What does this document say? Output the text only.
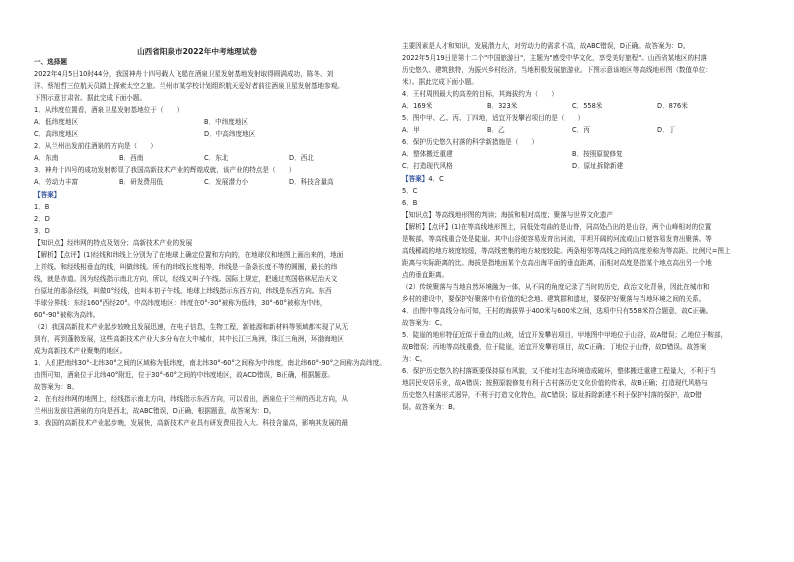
山西省阳泉市2022年中考地理试卷
一、选择题
2022年4月5日10时44分，我国神舟十四号载人飞船在酒泉卫星发射基地发射取得圆满成功，陈冬、刘
洋、蔡旭哲三位航天员踏上探索太空之旅。兰州市某学校计划组织航天爱好者前往酒泉卫星发射基地参观。
下图示意甘肃省。据此完成下面小题。
1．从纬度位置看，酒泉卫星发射基地位于（　　）
A．低纬度地区	B．中纬度地区
C．高纬度地区	D．中高纬度地区
2．从兰州出发前往酒泉的方向是（　　）
A．东南	B．西南	C．东北	D．西北
3．神舟十四号的成功发射彰显了我国高新技术产业的辉煌成就，该产业的特点是（　　）
A．劳动力丰富	B．研发费用低	C．发展潜力小	D．科技含量高
【答案】
1．B
2．D
3．D
【知识点】经纬网的特点及划分；高新技术产业的发展
【解析】【点评】(1)经线和纬线上分别为了在地球上确定位置和方向的，在地球仪和地图上画出来的，地面
上并线。和经线相垂直的线，叫做纬线。所有的纬线长度相等，纬线是一条条长度不等的圆圈，最长的纬
线，就是赤道。因为经线指示南北方向，所以，经线又叫子午线。国际上规定，把通过英国格林尼治天文
台原址的那条经线，叫做0°经线，也叫本初子午线。地球上纬线指示东西方向，纬线是东西方向。东西
半球分界线：东经160°西经20°。中高纬度地区：纬度在0°-30°被称为低纬，30°-60°被称为中纬，
60°-90°被称为高纬。
（2）我国高新技术产业起步较晚且发展迅速，在电子信息，生物工程，新能源和新材料等领域都实现了从无
到有，再到蓬勃发展，这些高新技术产业大多分布在大中城市，其中长江三角洲，珠江三角洲，环渤海地区
成为高新技术产业聚集的地区。
1．人们把南纬30°-北纬30°之间的区域称为低纬度，南北纬30°-60°之间称为中纬度，南北纬60°-90°之间称为高纬度。
由图可知，酒泉位于北纬40°附近，位于30°-60°之间的中纬度地区，故ACD错误，B正确，根据题意。
故答案为：B。
2．在有经纬网的地图上，经线指示南北方向，纬线指示东西方向，可以看出，酒泉位于兰州的西北方向，从
兰州出发前往酒泉的方向是西北，故ABC错误，D正确，根据题意，故答案为：D。
3．我国的高新技术产业起步晚，发展快，高新技术产业具有研发费用投入大、科技含量高，影响其发展的最
主要因素是人才和知识，发展潜力大，对劳动力的需求不高，故ABC错误，D正确。故答案为：D。
2022年5月19日是第十二个"中国旅游日"，主题为"感受中华文化，享受美好旅程"。山西省某地区的村落
历史悠久、建筑独特，为振兴乡村经济，当地积极发展旅游业。下图示意该地区等高线地形图（数值单位：
米）。据此完成下面小题。
4．王村周围最大的高差的目标，其海拔约为（　　）
A．169米	B．323米	C．558米	D．876米
5．图中甲、乙、丙、丁四地，适宜开发攀岩项目的是（　　）
A．甲	B．乙	C．丙	D．丁
6．保护历史悠久村落的科学新措施是（　　）
A．整体搬迁重建	B．按照原貌修复
C．打造现代风格	D．原址拆除新建
【答案】4．C
5．C
6．B
【知识点】等高线地形图的判读；海拔和相对高度；聚落与世界文化遗产
【解析】【点评】(1)在等高线地形图上，同低处弯曲的是山脊，同高处凸出的是山谷，两个山峰相对的位置
是鞍部，等高线重合处是陡崖。其中山谷便容易发育出河流，平坦开阔的河流或山口便容易发育出聚落。等
高线稀疏的地方坡度较缓，等高线密集的地方坡度较陡。两条相邻等高线之间的高度差称为等高距。比例尺=图上
距离与实际距离的比。海拔是指地面某个点高出海平面的垂直距离，而相对高度是指某个地点高出另一个地
点的垂直距离。
（2）传统聚落与当地自然环境融为一体，从不同的角度记录了当时的历史，政治文化背景，因此在城市和
乡村的建设中，要保护好聚落中有价值的纪念地、建筑群和遗址，要保护好聚落与当地环境之间的关系。
4．由图中等高线分布可知，王村的海拔界于400米与600米之间，选项中只有558米符合题意，故C正确。
故答案为：C。
5．陡崖的地形特征近似于垂直的山坡，适宜开发攀岩项目，甲地图中甲地位于山谷，故A错误；乙地位于鞍部，
故B错误；丙地等高线重叠，位于陡崖，适宜开发攀岩项目，故C正确；丁地位于山脊，故D错误。故答案
为：C。
6．保护历史悠久的村落既要保持原有风貌，又不能对生态环境造成破坏，整体搬迁重建工程量大，不利于当
地居民安居乐业，故A错误；按照原貌修复有利于古村落历史文化价值的传承，故B正确；打造现代风格与
历史悠久村落形式迥异，不利于打造文化特色，故C错误；原址拆除新建不利于保护村落的保护，故D错
误。故答案为：B。
